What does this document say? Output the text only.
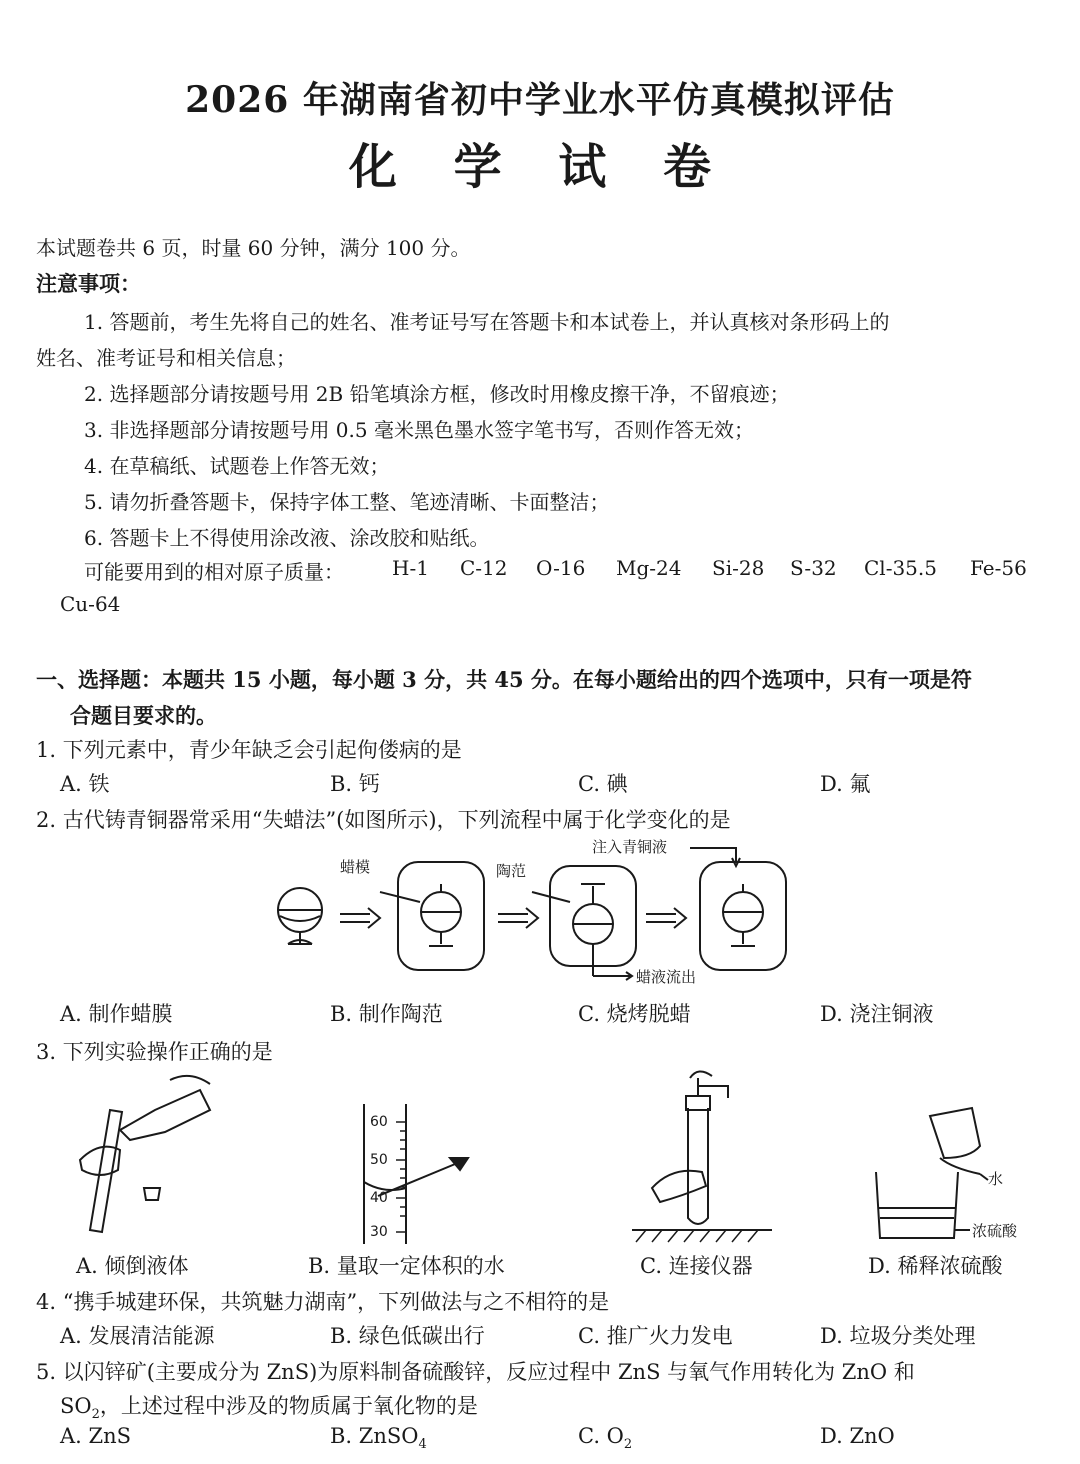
2026 年湖南省初中学业水平仿真模拟评估
化 学 试 卷
本试题卷共 6 页，时量 60 分钟，满分 100 分。
注意事项：
1. 答题前，考生先将自己的姓名、准考证号写在答题卡和本试卷上，并认真核对条形码上的
姓名、准考证号和相关信息；
2. 选择题部分请按题号用 2B 铅笔填涂方框，修改时用橡皮擦干净，不留痕迹；
3. 非选择题部分请按题号用 0.5 毫米黑色墨水签字笔书写，否则作答无效；
4. 在草稿纸、试题卷上作答无效；
5. 请勿折叠答题卡，保持字体工整、笔迹清晰、卡面整洁；
6. 答题卡上不得使用涂改液、涂改胶和贴纸。
可能要用到的相对原子质量： H-1 C-12 O-16 Mg-24 Si-28 S-32 Cl-35.5 Fe-56
Cu-64
一、选择题：本题共 15 小题，每小题 3 分，共 45 分。在每小题给出的四个选项中，只有一项是符
合题目要求的。
1. 下列元素中，青少年缺乏会引起佝偻病的是
A. 铁	B. 钙	C. 碘	D. 氟
2. 古代铸青铜器常采用“失蜡法”(如图所示)，下列流程中属于化学变化的是
蜡模	陶范
注入青铜液
蜡液流出
A. 制作蜡膜	B. 制作陶范	C. 烧烤脱蜡	D. 浇注铜液
3. 下列实验操作正确的是
60
50
40
30
水
浓硫酸
A. 倾倒液体	B. 量取一定体积的水	C. 连接仪器	D. 稀释浓硫酸
4. “携手城建环保，共筑魅力湖南”，下列做法与之不相符的是
A. 发展清洁能源	B. 绿色低碳出行	C. 推广火力发电	D. 垃圾分类处理
5. 以闪锌矿(主要成分为 ZnS)为原料制备硫酸锌，反应过程中 ZnS 与氧气作用转化为 ZnO 和
$SO_2$，上述过程中涉及的物质属于氧化物的是
A. ZnS	B. ZnSO$_4$	C. $O_2$	D. ZnO
